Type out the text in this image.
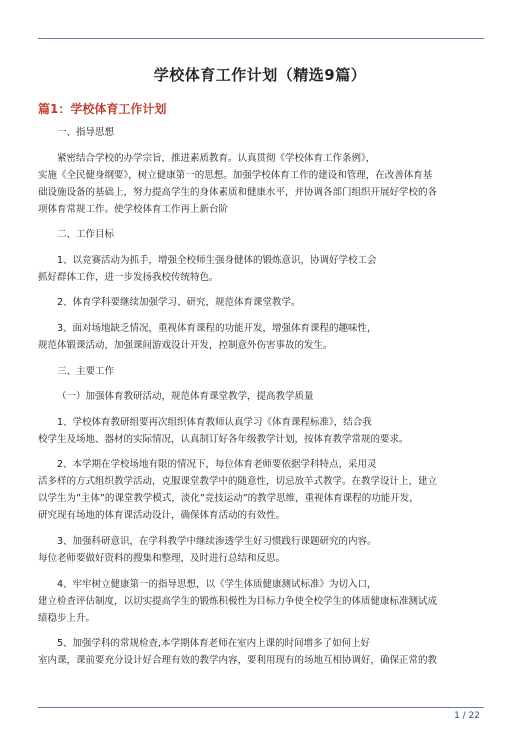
学校体育工作计划（精选9篇）
篇1：学校体育工作计划

一、指导思想

紧密结合学校的办学宗旨，推进素质教育。认真贯彻《学校体育工作条例》，
实施《全民健身纲要》，树立健康第一的思想。加强学校体育工作的建设和管理，在改善体育基
础设施设备的基础上，努力提高学生的身体素质和健康水平，并协调各部门组织开展好学校的各
项体育常规工作。使学校体育工作再上新台阶

二、工作目标

1、以竞赛活动为抓手，增强全校师生强身健体的锻炼意识，协调好学校工会
抓好群体工作，进一步发扬我校传统特色。

2、体育学科要继续加强学习、研究，规范体育课堂教学。

3、面对场地缺乏情况，重视体育课程的功能开发，增强体育课程的趣味性，
规范体锻课活动，加强课间游戏设计开发，控制意外伤害事故的发生。

三、主要工作

（一）加强体育教研活动，规范体育课堂教学，提高教学质量

1、学校体育教研组要再次组织体育教师认真学习《体育课程标准》，结合我
校学生及场地、器材的实际情况，认真制订好各年级教学计划，按体育教学常规的要求。

2、本学期在学校场地有限的情况下，每位体育老师要依据学科特点，采用灵
活多样的方式组织教学活动，克服课堂教学中的随意性，切忌放羊式教学。在教学设计上，建立
以学生为”主体”的课堂教学模式，淡化”竞技运动”的教学思维，重视体育课程的功能开发，
研究现有场地的体育课活动设计，确保体育活动的有效性。

3、加强科研意识，在学科教学中继续渗透学生好习惯践行课题研究的内容。
每位老师要做好资料的搜集和整理，及时进行总结和反思。

4、牢牢树立健康第一的指导思想，以《学生体质健康测试标准》为切入口，
建立检查评估制度，以切实提高学生的锻炼积极性为目标力争使全校学生的体质健康标准测试成
绩稳步上升。

5、加强学科的常规检查,本学期体育老师在室内上课的时间增多了如何上好
室内课，课前要充分设计好合理有效的教学内容，要利用现有的场地互相协调好，确保正常的教

1 / 22
